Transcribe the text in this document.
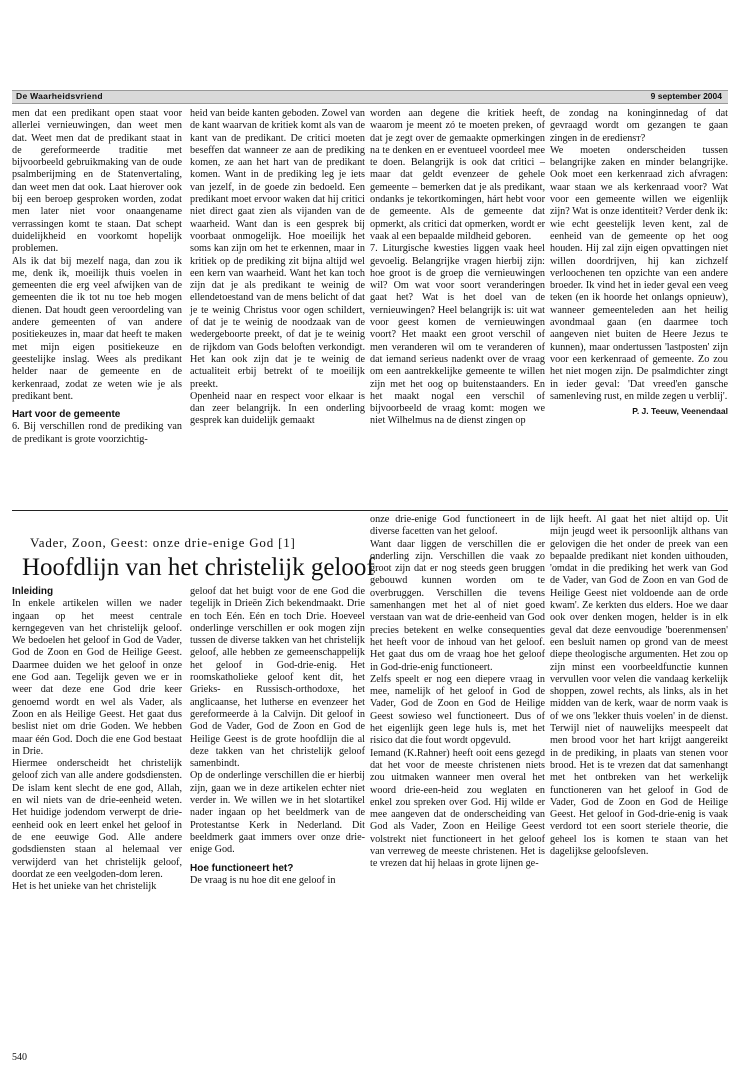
De Waarheidsvriend	9 september 2004

men dat een predikant open staat voor allerlei vernieuwingen, dan weet men dat. Weet men dat de predikant staat in de gereformeerde traditie met bijvoorbeeld gebruikmaking van de oude psalmberijming en de Statenvertaling, dan weet men dat ook. Laat hierover ook bij een beroep gesproken worden, zodat men later niet voor onaangename verrassingen komt te staan. Dat schept duidelijkheid en voorkomt hopelijk problemen.

Als ik dat bij mezelf naga, dan zou ik me, denk ik, moeilijk thuis voelen in gemeenten die erg veel afwijken van de gemeenten die ik tot nu toe heb mogen dienen. Dat houdt geen veroordeling van andere gemeenten of van andere positiekeuzes in, maar dat heeft te maken met mijn eigen positiekeuze en geestelijke inslag. Wees als predikant helder naar de gemeente en de kerkenraad, zodat ze weten wie je als predikant bent.

Hart voor de gemeente

6. Bij verschillen rond de prediking van de predikant is grote voorzichtig-

heid van beide kanten geboden. Zowel van de kant waarvan de kritiek komt als van de kant van de predikant. De critici moeten beseffen dat wanneer ze aan de prediking komen, ze aan het hart van de predikant komen. Want in de prediking leg je iets van jezelf, in de goede zin bedoeld. Een predikant moet ervoor waken dat hij critici niet direct gaat zien als vijanden van de waarheid. Want dan is een gesprek bij voorbaat onmogelijk. Hoe moeilijk het soms kan zijn om het te erkennen, maar in kritiek op de prediking zit bijna altijd wel een kern van waarheid. Want het kan toch zijn dat je als predikant te weinig de ellendetoestand van de mens belicht of dat je te weinig Christus voor ogen schildert, of dat je te weinig de noodzaak van de wedergeboorte preekt, of dat je te weinig de rijkdom van Gods beloften verkondigt. Het kan ook zijn dat je te weinig de actualiteit erbij betrekt of te moeilijk preekt.

Openheid naar en respect voor elkaar is dan zeer belangrijk. In een onderling gesprek kan duidelijk gemaakt

worden aan degene die kritiek heeft, waarom je meent zó te moeten preken, of dat je zegt over de gemaakte opmerkingen na te denken en er eventueel voordeel mee te doen. Belangrijk is ook dat critici – maar dat geldt evenzeer de gehele gemeente – bemerken dat je als predikant, ondanks je tekortkomingen, hárt hebt voor de gemeente. Als de gemeente dat opmerkt, als critici dat opmerken, wordt er vaak al een bepaalde mildheid geboren.

7. Liturgische kwesties liggen vaak heel gevoelig. Belangrijke vragen hierbij zijn: hoe groot is de groep die vernieuwingen wil? Om wat voor soort veranderingen gaat het? Wat is het doel van de vernieuwingen? Heel belangrijk is: uit wat voor geest komen de vernieuwingen voort? Het maakt een groot verschil of men veranderen wil om te veranderen of dat iemand serieus nadenkt over de vraag om een aantrekkelijke gemeente te willen zijn met het oog op buitenstaanders. En het maakt nogal een verschil of bijvoorbeeld de vraag komt: mogen we niet Wilhelmus na de dienst zingen op

de zondag na koninginnedag of dat gevraagd wordt om gezangen te gaan zingen in de erediensт?

We moeten onderscheiden tussen belangrijke zaken en minder belangrijke. Ook moet een kerkenraad zich afvragen: waar staan we als kerkenraad voor? Wat voor een gemeente willen we eigenlijk zijn? Wat is onze identiteit? Verder denk ik: wie echt geestelijk leven kent, zal de eenheid van de gemeente op het oog houden. Hij zal zijn eigen opvattingen niet willen doordrijven, hij kan zichzelf verloochenen ten opzichte van een andere broeder. Ik vind het in ieder geval een veeg teken (en ik hoorde het onlangs opnieuw), wanneer gemeenteleden aan het heilig avondmaal gaan (en daarmee toch aangeven niet buiten de Heere Jezus te kunnen), maar ondertussen 'lastposten' zijn voor een kerkenraad of gemeente. Zo zou het niet mogen zijn. De psalmdichter zingt in ieder geval: 'Dat vreed'en gansсhe samenleving rust, en milde zegen u verblij'.

P. J. Teeuw, Veenendaal

Vader, Zoon, Geest: onze drie-enige God [1]
Hoofdlijn van het christelijk geloof

Inleiding

In enkele artikelen willen we nader ingaan op het meest centrale kerngegeven van het christelijk geloof. We bedoelen het geloof in God de Vader, God de Zoon en God de Heilige Geest. Daarmee duiden we het geloof in onze ene God aan. Tegelijk geven we er in weer dat deze ene God drie keer genoemd wordt en wel als Vader, als Zoon en als Heilige Geest. Het gaat dus beslist niet om drie Goden. We hebben maar één God. Doch die ene God bestaat in Drie.

Hiermee onderscheidt het christelijk geloof zich van alle andere godsdiensten. De islam kent slecht de ene god, Allah, en wil niets van de drie-eenheid weten. Het huidige jodendom verwerpt de drie-eenheid ook en leert enkel het geloof in de ene eeuwige God. Alle andere godsdiensten staan al helemaal ver verwijderd van het christelijk geloof, doordat ze een veelgoden-dom leren.

Het is het unieke van het christelijk

geloof dat het buigt voor de ene God die tegelijk in Drieën Zich bekendmaakt. Drie en toch Eén. Eén en toch Drie. Hoeveel onderlinge verschillen er ook mogen zijn tussen de diverse takken van het christelijk geloof, alle hebben ze gemeenschappelijk het geloof in God-drie-enig. Het roomskatholieke geloof kent dit, het Grieks- en Russisch-orthodoxe, het anglicaanse, het lutherse en evenzeer het gereformeerde à la Calvijn. Dit geloof in God de Vader, God de Zoon en God de Heilige Geest is de grote hoofdlijn die al deze takken van het christelijk geloof samenbindt.

Op de onderlinge verschillen die er hierbij zijn, gaan we in deze artikelen echter niet verder in. We willen we in het slotartikel nader ingaan op het beeldmerk van de Protestantse Kerk in Nederland. Dit beeldmerk gaat immers over onze drie-enige God.

Hoe functioneert het?

De vraag is nu hoe dit ene geloof in

onze drie-enige God functioneert in de diverse facetten van het geloof.

Want daar liggen de verschillen die er onderling zijn. Verschillen die vaak zo groot zijn dat er nog steeds geen bruggen gebouwd kunnen worden om te overbruggen. Verschillen die tevens samenhangen met het al of niet goed verstaan van wat de drie-eenheid van God precies betekent en welke consequenties het heeft voor de inhoud van het geloof. Het gaat dus om de vraag hoe het geloof in God-drie-enig functioneert.

Zelfs speelt er nog een diepere vraag in mee, namelijk of het geloof in God de Vader, God de Zoon en God de Heilige Geest sowieso wel functioneert. Dus of het eigenlijk geen lege huls is, met het risico dat die fout wordt opgevuld.

Iemand (K.Rahner) heeft ooit eens gezegd dat het voor de meeste christenen niets zou uitmaken wanneer men overal het woord drie-een-heid zou weglaten en enkel zou spreken over God. Hij wilde er mee aangeven dat de onderscheiding van God als Vader, Zoon en Heilige Geest volstrekt niet functioneert in het geloof van verreweg de meeste christenen. Het is te vrezen dat hij helaas in grote lijnen ge-

lijk heeft. Al gaat het niet altijd op. Uit mijn jeugd weet ik persoonlijk althans van gelovigen die het onder de preek van een bepaalde predikant niet konden uithouden, 'omdat in die prediking het werk van God de Vader, van God de Zoon en van God de Heilige Geest niet voldoende aan de orde kwam'. Ze kerkten dus elders. Hoe we daar ook over denken mogen, helder is in elk geval dat deze eenvoudige 'boerenmensen' een besluit namen op grond van de meest diepe theologische argumenten. Het zou op zijn minst een voorbeeldfunctie kunnen vervullen voor velen die vandaag kerkelijk shoppen, zowel rechts, als links, als in het midden van de kerk, waar de norm vaak is of we ons 'lekker thuis voelen' in de dienst. Terwijl niet of nauwelijks meespeelt dat men brood voor het hart krijgt aangereikt in de prediking, in plaats van stenen voor brood. Het is te vrezen dat dat samenhangt met het ontbreken van het werkelijk functioneren van het geloof in God de Vader, God de Zoon en God de Heilige Geest. Het geloof in God-drie-enig is vaak verdord tot een soort steriele theorie, die geheel los is komen te staan van het dagelijkse geloofsleven.

540
